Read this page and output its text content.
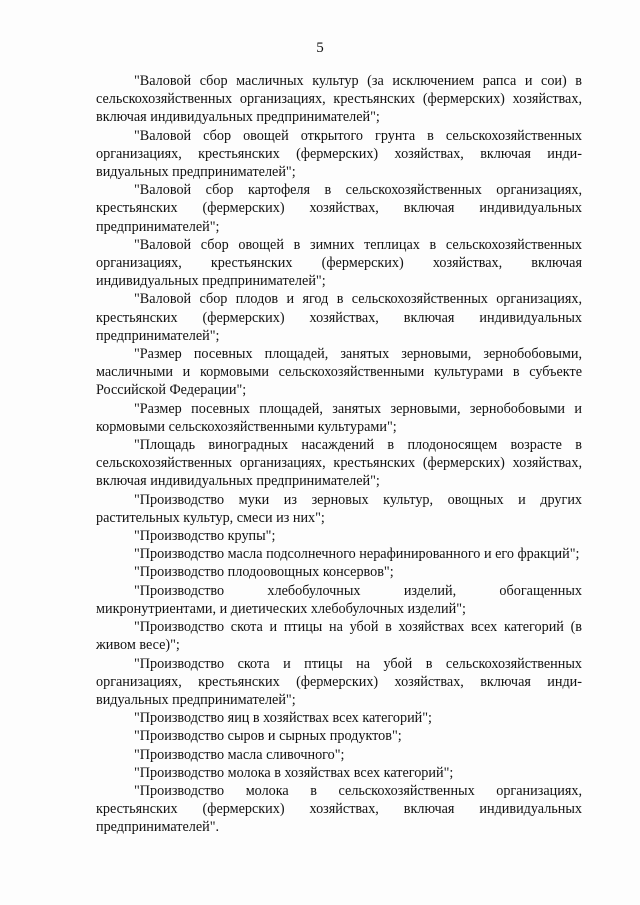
5

"Валовой сбор масличных культур (за исключением рапса и сои) в сельскохозяйственных организациях, крестьянских (фермерских) хозяйствах, включая индивидуальных предпринимателей";

"Валовой сбор овощей открытого грунта в сельскохозяйственных организациях, крестьянских (фермерских) хозяйствах, включая индивидуальных предпринимателей";

"Валовой сбор картофеля в сельскохозяйственных организациях, крестьянских (фермерских) хозяйствах, включая индивидуальных предпринимателей";

"Валовой сбор овощей в зимних теплицах в сельскохозяйственных организациях, крестьянских (фермерских) хозяйствах, включая индивидуальных предпринимателей";

"Валовой сбор плодов и ягод в сельскохозяйственных организациях, крестьянских (фермерских) хозяйствах, включая индивидуальных предпринимателей";

"Размер посевных площадей, занятых зерновыми, зернобобовыми, масличными и кормовыми сельскохозяйственными культурами в субъекте Российской Федерации";

"Размер посевных площадей, занятых зерновыми, зернобобовыми и кормовыми сельскохозяйственными культурами";

"Площадь виноградных насаждений в плодоносящем возрасте в сельскохозяйственных организациях, крестьянских (фермерских) хозяйствах, включая индивидуальных предпринимателей";

"Производство муки из зерновых культур, овощных и других растительных культур, смеси из них";

"Производство крупы";

"Производство масла подсолнечного нерафинированного и его фракций";

"Производство плодоовощных консервов";

"Производство хлебобулочных изделий, обогащенных микронутриентами, и диетических хлебобулочных изделий";

"Производство скота и птицы на убой в хозяйствах всех категорий (в живом весе)";

"Производство скота и птицы на убой в сельскохозяйственных организациях, крестьянских (фермерских) хозяйствах, включая индивидуальных предпринимателей";

"Производство яиц в хозяйствах всех категорий";

"Производство сыров и сырных продуктов";

"Производство масла сливочного";

"Производство молока в хозяйствах всех категорий";

"Производство молока в сельскохозяйственных организациях, крестьянских (фермерских) хозяйствах, включая индивидуальных предпринимателей".
